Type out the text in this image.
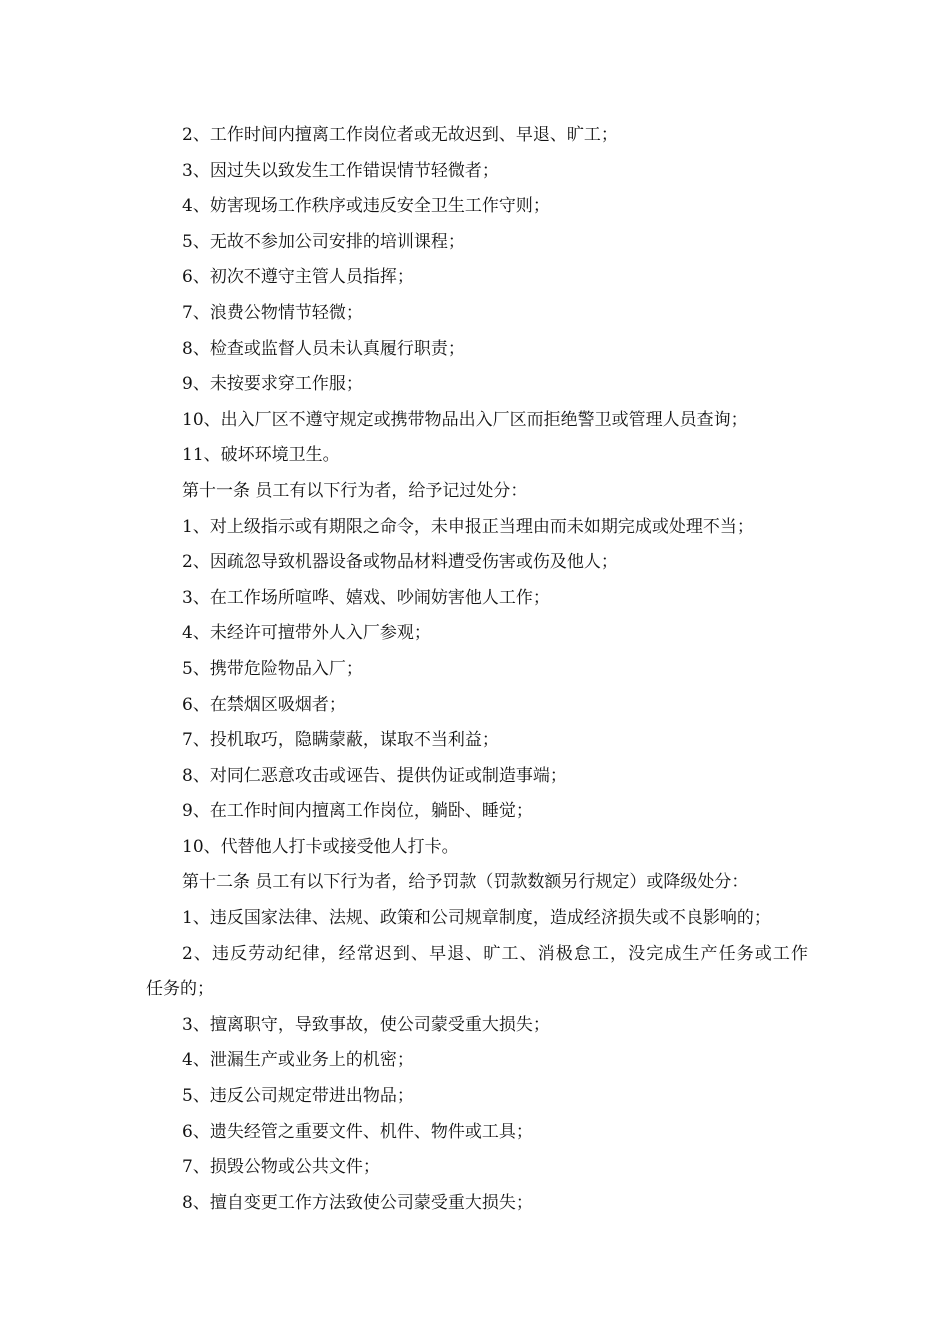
2、工作时间内擅离工作岗位者或无故迟到、早退、旷工；

3、因过失以致发生工作错误情节轻微者；

4、妨害现场工作秩序或违反安全卫生工作守则；

5、无故不参加公司安排的培训课程；

6、初次不遵守主管人员指挥；

7、浪费公物情节轻微；

8、检查或监督人员未认真履行职责；

9、未按要求穿工作服；

10、出入厂区不遵守规定或携带物品出入厂区而拒绝警卫或管理人员查询；

11、破坏环境卫生。

第十一条 员工有以下行为者，给予记过处分：

1、对上级指示或有期限之命令，未申报正当理由而未如期完成或处理不当；

2、因疏忽导致机器设备或物品材料遭受伤害或伤及他人；

3、在工作场所喧哗、嬉戏、吵闹妨害他人工作；

4、未经许可擅带外人入厂参观；

5、携带危险物品入厂；

6、在禁烟区吸烟者；

7、投机取巧，隐瞒蒙蔽，谋取不当利益；

8、对同仁恶意攻击或诬告、提供伪证或制造事端；

9、在工作时间内擅离工作岗位，躺卧、睡觉；

10、代替他人打卡或接受他人打卡。

第十二条 员工有以下行为者，给予罚款（罚款数额另行规定）或降级处分：

1、违反国家法律、法规、政策和公司规章制度，造成经济损失或不良影响的；

2、违反劳动纪律，经常迟到、早退、旷工、消极怠工，没完成生产任务或工作

任务的；

3、擅离职守，导致事故，使公司蒙受重大损失；

4、泄漏生产或业务上的机密；

5、违反公司规定带进出物品；

6、遗失经管之重要文件、机件、物件或工具；

7、损毁公物或公共文件；

8、擅自变更工作方法致使公司蒙受重大损失；
